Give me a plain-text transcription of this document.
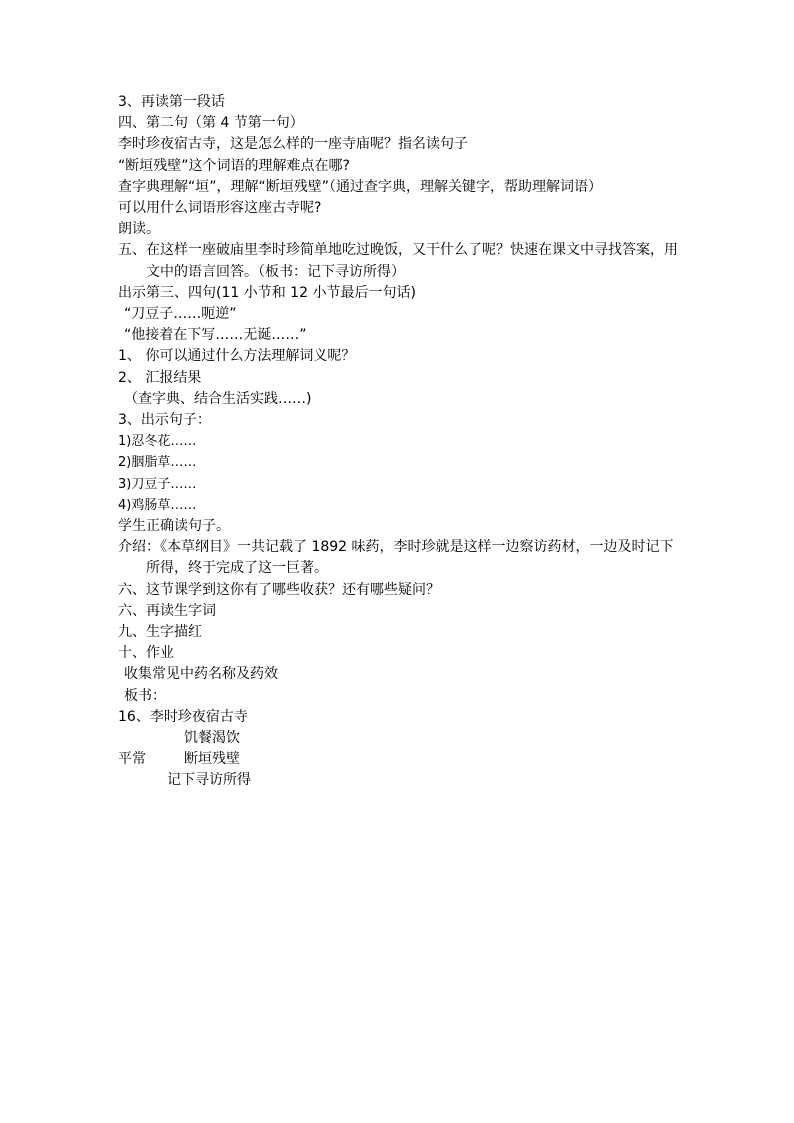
3、再读第一段话
四、第二句（第 4 节第一句）
李时珍夜宿古寺，这是怎么样的一座寺庙呢？指名读句子
“断垣残壁”这个词语的理解难点在哪?
查字典理解“垣”，理解“断垣残壁”（通过查字典，理解关键字，帮助理解词语）
可以用什么词语形容这座古寺呢?
朗读。
五、在这样一座破庙里李时珍简单地吃过晚饭，又干什么了呢？快速在课文中寻找答案，用文中的语言回答。（板书：记下寻访所得）
出示第三、四句(11 小节和 12 小节最后一句话)
“刀豆子……呃逆”
“他接着在下写……无诞……”
1、 你可以通过什么方法理解词义呢？
2、 汇报结果
（查字典、结合生活实践……)
3、出示句子：
1)忍冬花……
2)胭脂草……
3)刀豆子……
4)鸡肠草……
学生正确读句子。
介绍：《本草纲目》一共记载了 1892 味药，李时珍就是这样一边察访药材，一边及时记下所得，终于完成了这一巨著。
六、这节课学到这你有了哪些收获？还有哪些疑问？
六、再读生字词
九、生字描红
十、作业
收集常见中药名称及药效
板书：
16、李时珍夜宿古寺
饥餐渴饮
平常	断垣残壁
记下寻访所得
